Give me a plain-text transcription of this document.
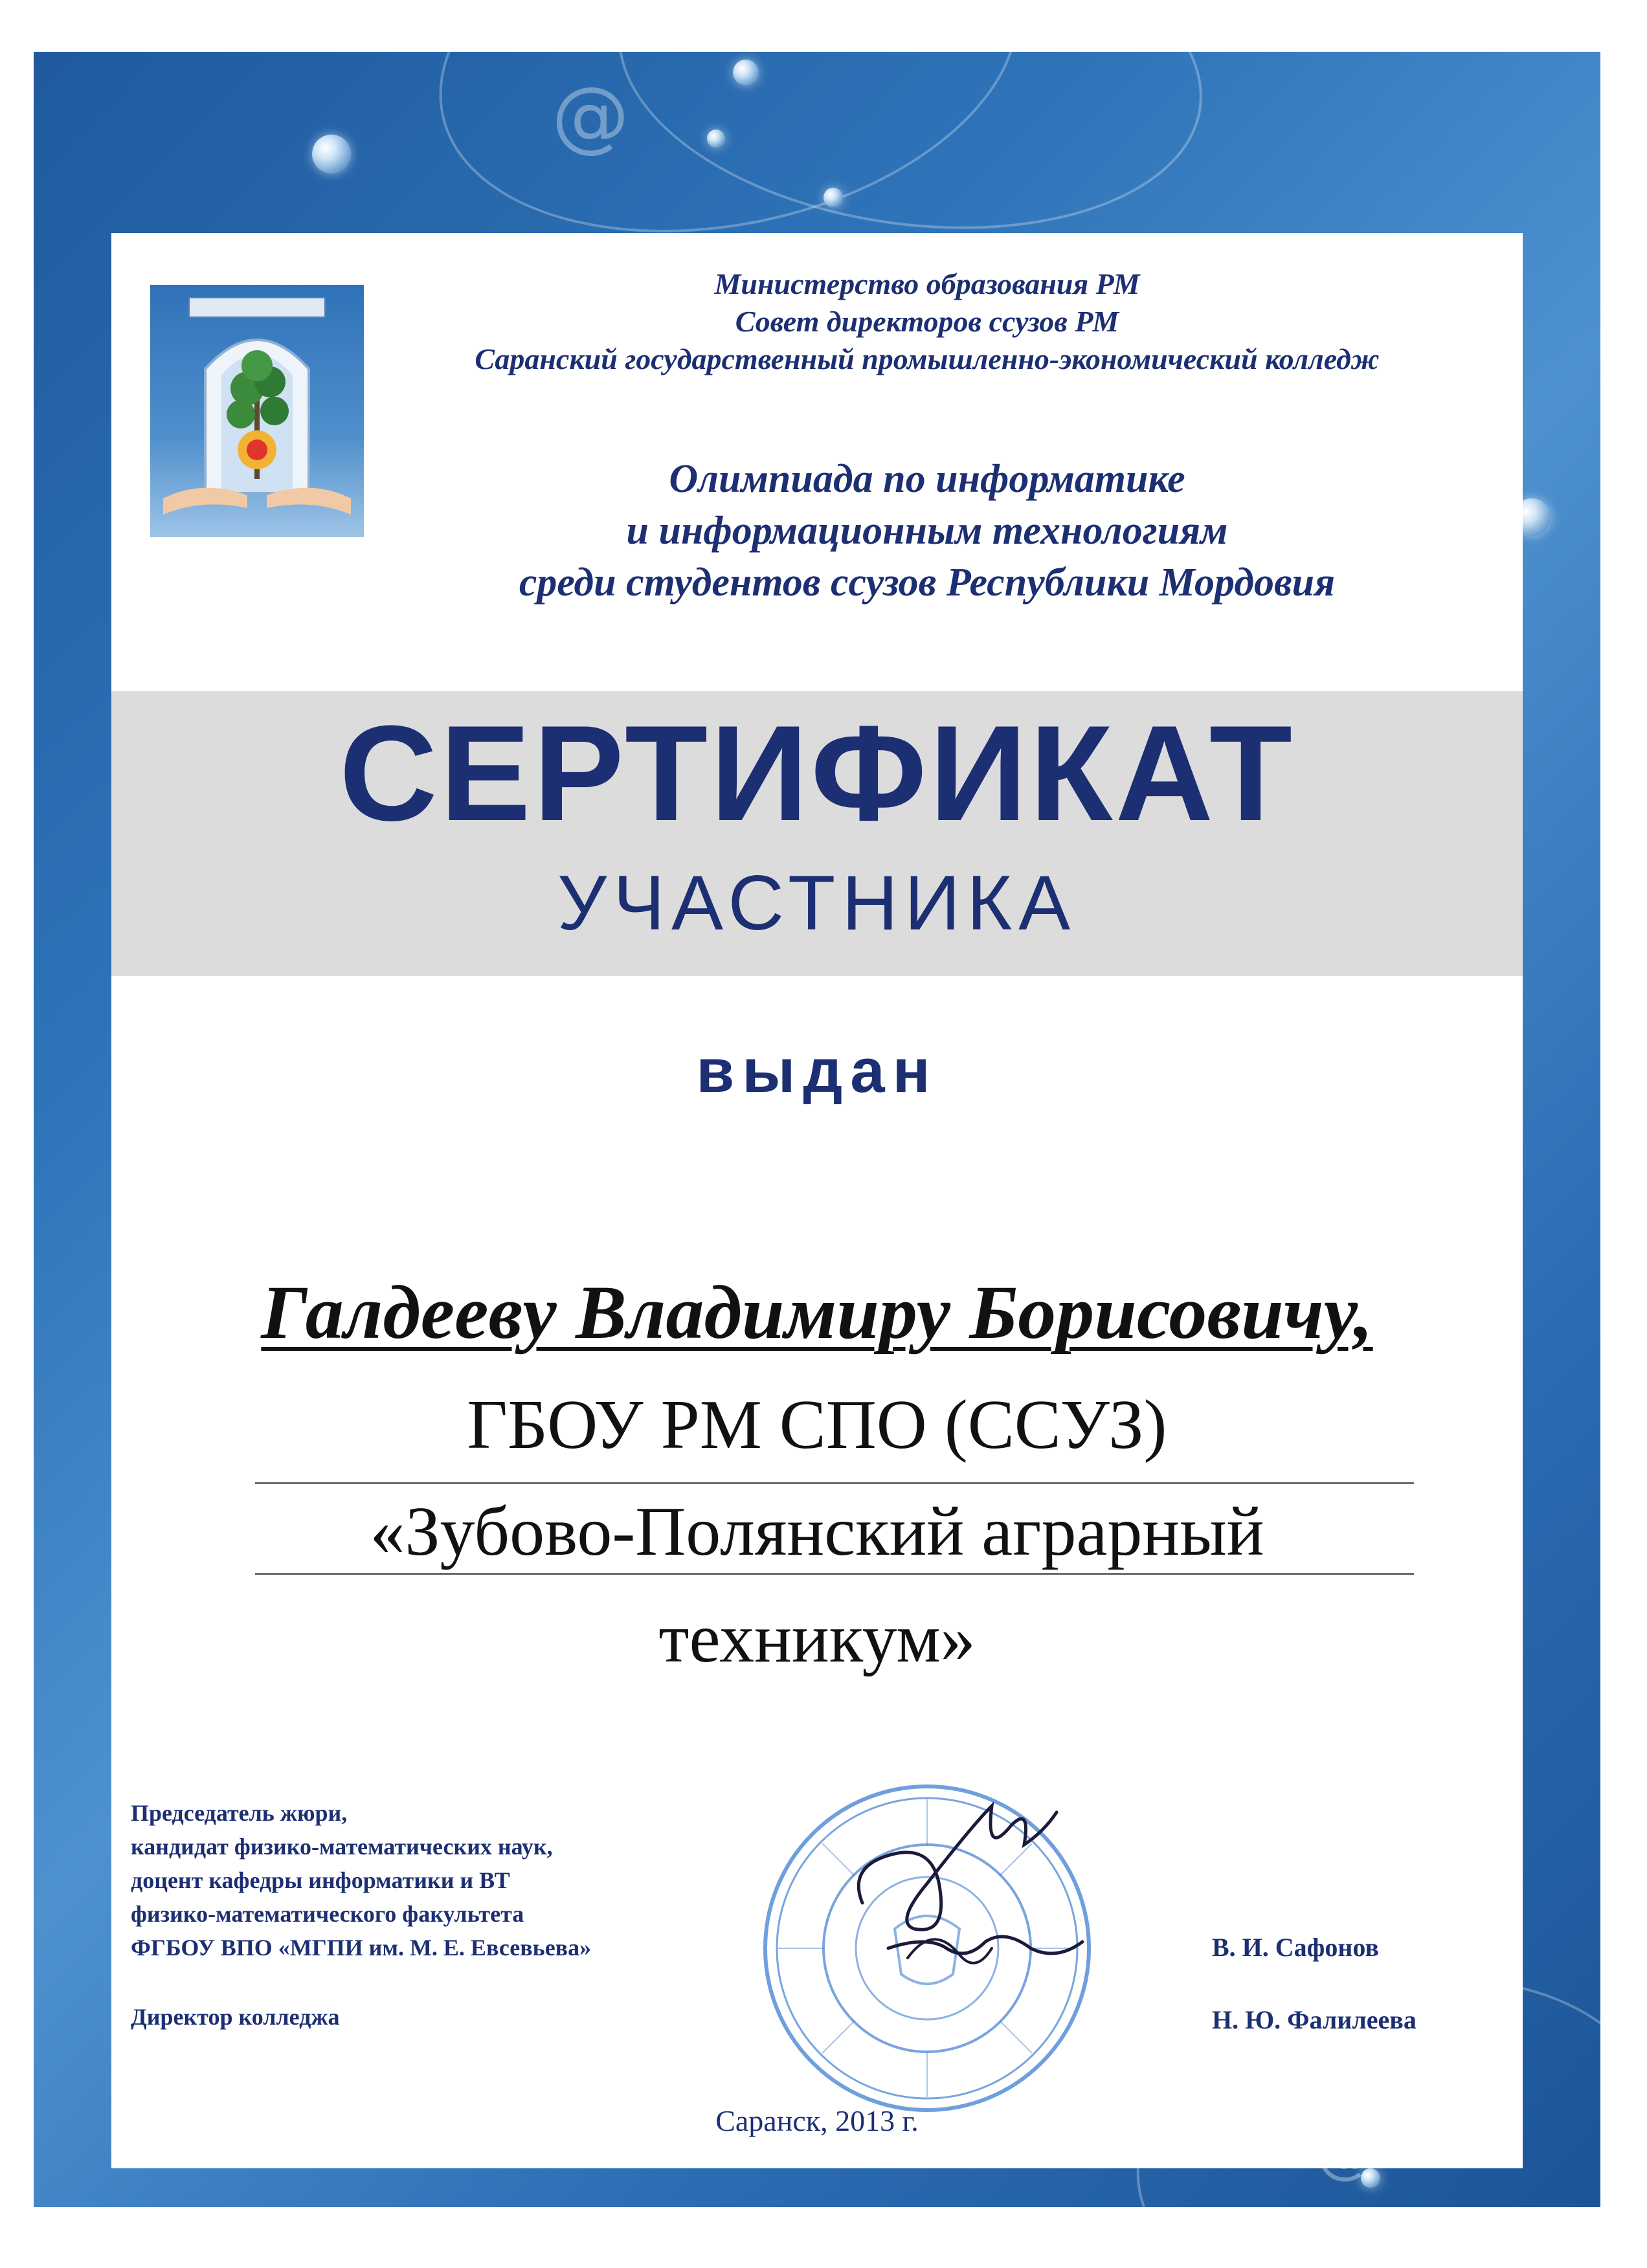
@
Министерство образования РМ
Совет директоров ссузов РМ
Саранский государственный промышленно-экономический колледж
Олимпиада по информатике
и информационным технологиям
среди студентов ссузов Республики Мордовия
СЕРТИФИКАТ
УЧАСТНИКА
выдан
Галдееву Владимиру Борисовичу,
ГБОУ РМ СПО (ССУЗ)
«Зубово-Полянский аграрный
техникум»
Председатель жюри,
кандидат физико-математических наук,
доцент кафедры информатики и ВТ
физико-математического факультета
ФГБОУ ВПО «МГПИ им. М. Е. Евсевьева»	В. И. Сафонов
Директор колледжа	Н. Ю. Фалилеева
Саранск, 2013 г.
